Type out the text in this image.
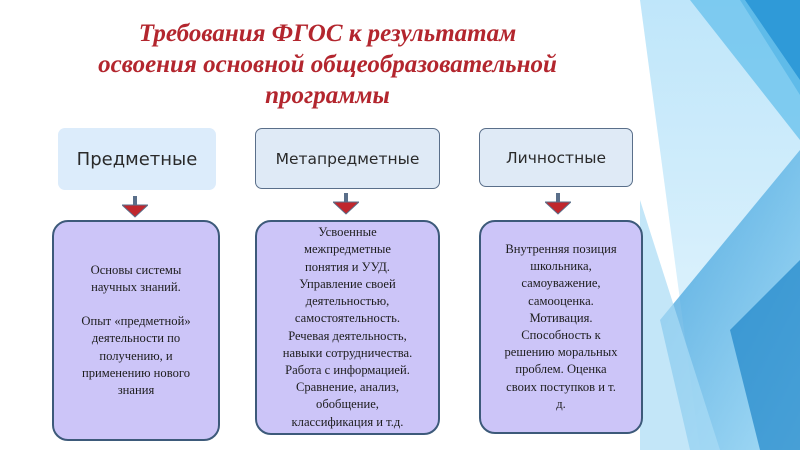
Требования ФГОС к результатам
освоения основной общеобразовательной
программы
Предметные	Метапредметные	Личностные
Основы системы
научных знаний.
Опыт «предметной»
деятельности по
получению, и
применению нового
знания
Усвоенные
межпредметные
понятия и УУД.
Управление своей
деятельностью,
самостоятельность.
Речевая деятельность,
навыки сотрудничества.
Работа с информацией.
Сравнение, анализ,
обобщение,
классификация и т.д.
Внутренняя позиция
школьника,
самоуважение,
самооценка.
Мотивация.
Способность к
решению моральных
проблем. Оценка
своих поступков и т.
д.
